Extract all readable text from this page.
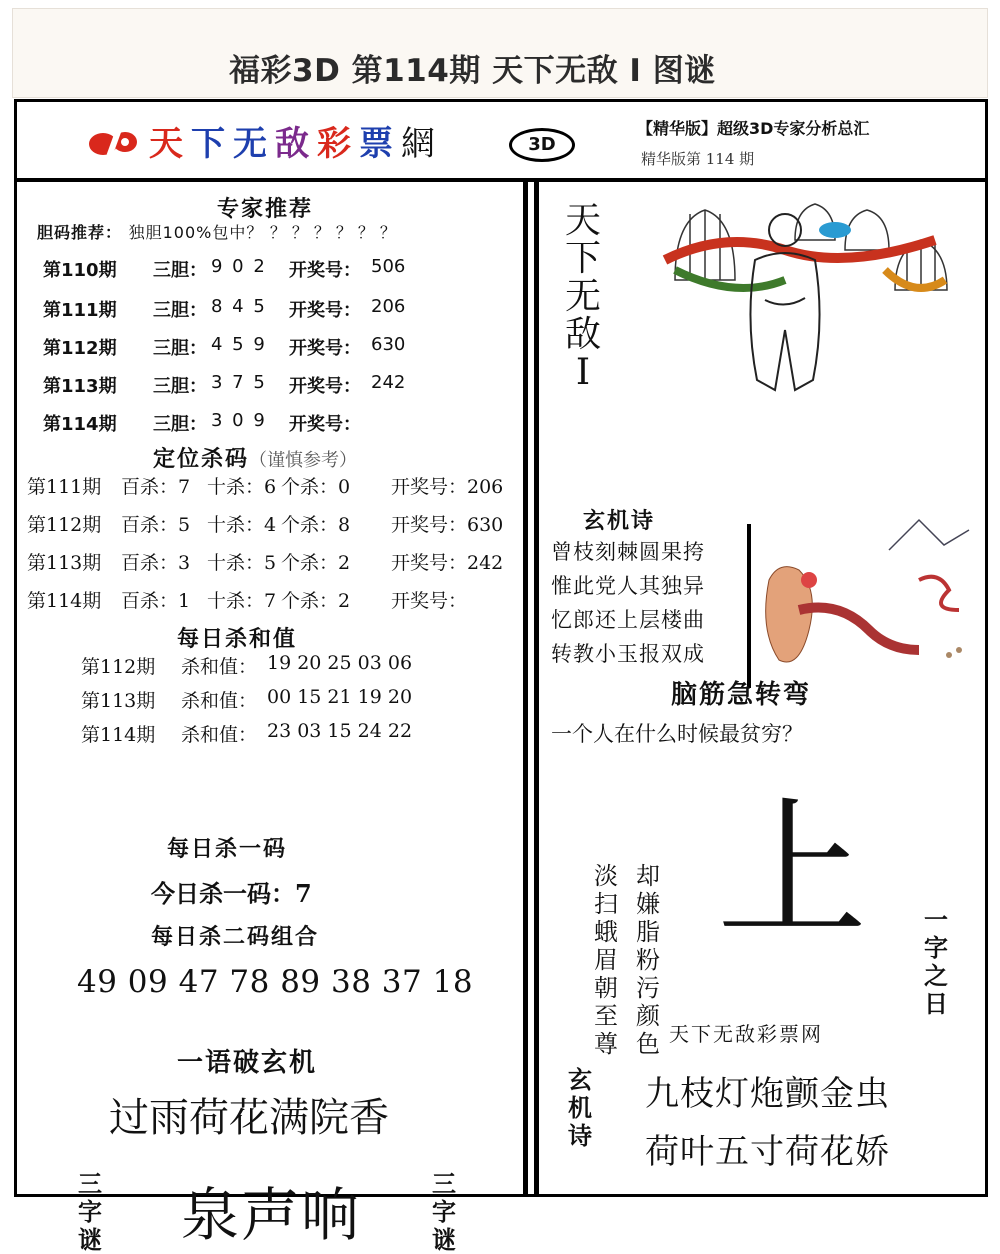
福彩3D 第114期 天下无敌 I 图谜
天下无敌彩票網	3D
【精华版】超级3D专家分析总汇
精华版第 114 期
专家推荐
胆码推荐： 独胆100%包中？ ？？？？？？
第110期 三胆： 9 0 2 开奖号： 506
第111期 三胆： 8 4 5 开奖号： 206
第112期 三胆： 4 5 9 开奖号： 630
第113期 三胆： 3 7 5 开奖号： 242
第114期 三胆： 3 0 9 开奖号：
定位杀码（谨慎参考）
第111期 百杀：7 十杀：6 个杀：0 开奖号：206
第112期 百杀：5 十杀：4 个杀：8 开奖号：630
第113期 百杀：3 十杀：5 个杀：2 开奖号：242
第114期 百杀：1 十杀：7 个杀：2 开奖号：
每日杀和值
第112期 杀和值： 19 20 25 03 06
第113期 杀和值： 00 15 21 19 20
第114期 杀和值： 23 03 15 24 22
每日杀一码
今日杀一码：7
每日杀二码组合
49 09 47 78 89 38 37 18
一语破玄机
过雨荷花满院香
三
字
谜 泉声响	三
字
谜
天
下
无
敌
I
玄机诗
曾枝刻棘圆果挎
惟此党人其独异
忆郎还上层楼曲
转教小玉报双成
脑筋急转弯
一个人在什么时候最贫穷？
淡
扫
蛾
眉
朝
至
尊
却
嫌
脂
粉
污
颜
色
上 一
字
之
日
天下无敌彩票网
玄
机
诗
九枝灯炧颤金虫
荷叶五寸荷花娇
